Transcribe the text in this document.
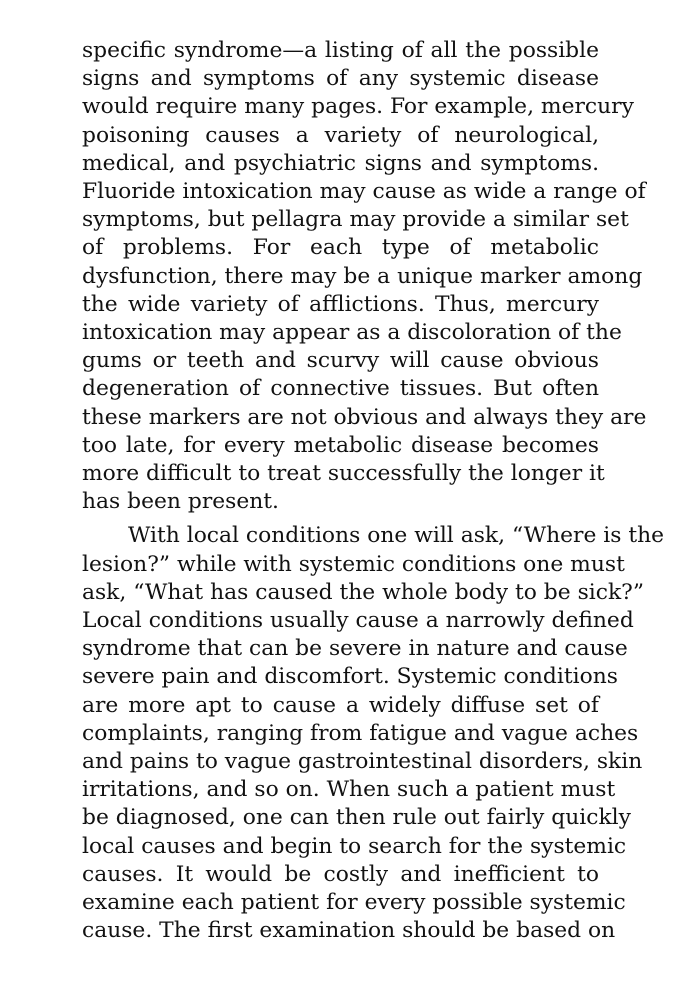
specific syndrome—a listing of all the possible
signs and symptoms of any systemic disease
would require many pages. For example, mercury
poisoning causes a variety of neurological,
medical, and psychiatric signs and symptoms.
Fluoride intoxication may cause as wide a range of
symptoms, but pellagra may provide a similar set
of problems. For each type of metabolic
dysfunction, there may be a unique marker among
the wide variety of afflictions. Thus, mercury
intoxication may appear as a discoloration of the
gums or teeth and scurvy will cause obvious
degeneration of connective tissues. But often
these markers are not obvious and always they are
too late, for every metabolic disease becomes
more difficult to treat successfully the longer it
has been present.
With local conditions one will ask, “Where is the
lesion?” while with systemic conditions one must
ask, “What has caused the whole body to be sick?”
Local conditions usually cause a narrowly defined
syndrome that can be severe in nature and cause
severe pain and discomfort. Systemic conditions
are more apt to cause a widely diffuse set of
complaints, ranging from fatigue and vague aches
and pains to vague gastrointestinal disorders, skin
irritations, and so on. When such a patient must
be diagnosed, one can then rule out fairly quickly
local causes and begin to search for the systemic
causes. It would be costly and inefficient to
examine each patient for every possible systemic
cause. The first examination should be based on
